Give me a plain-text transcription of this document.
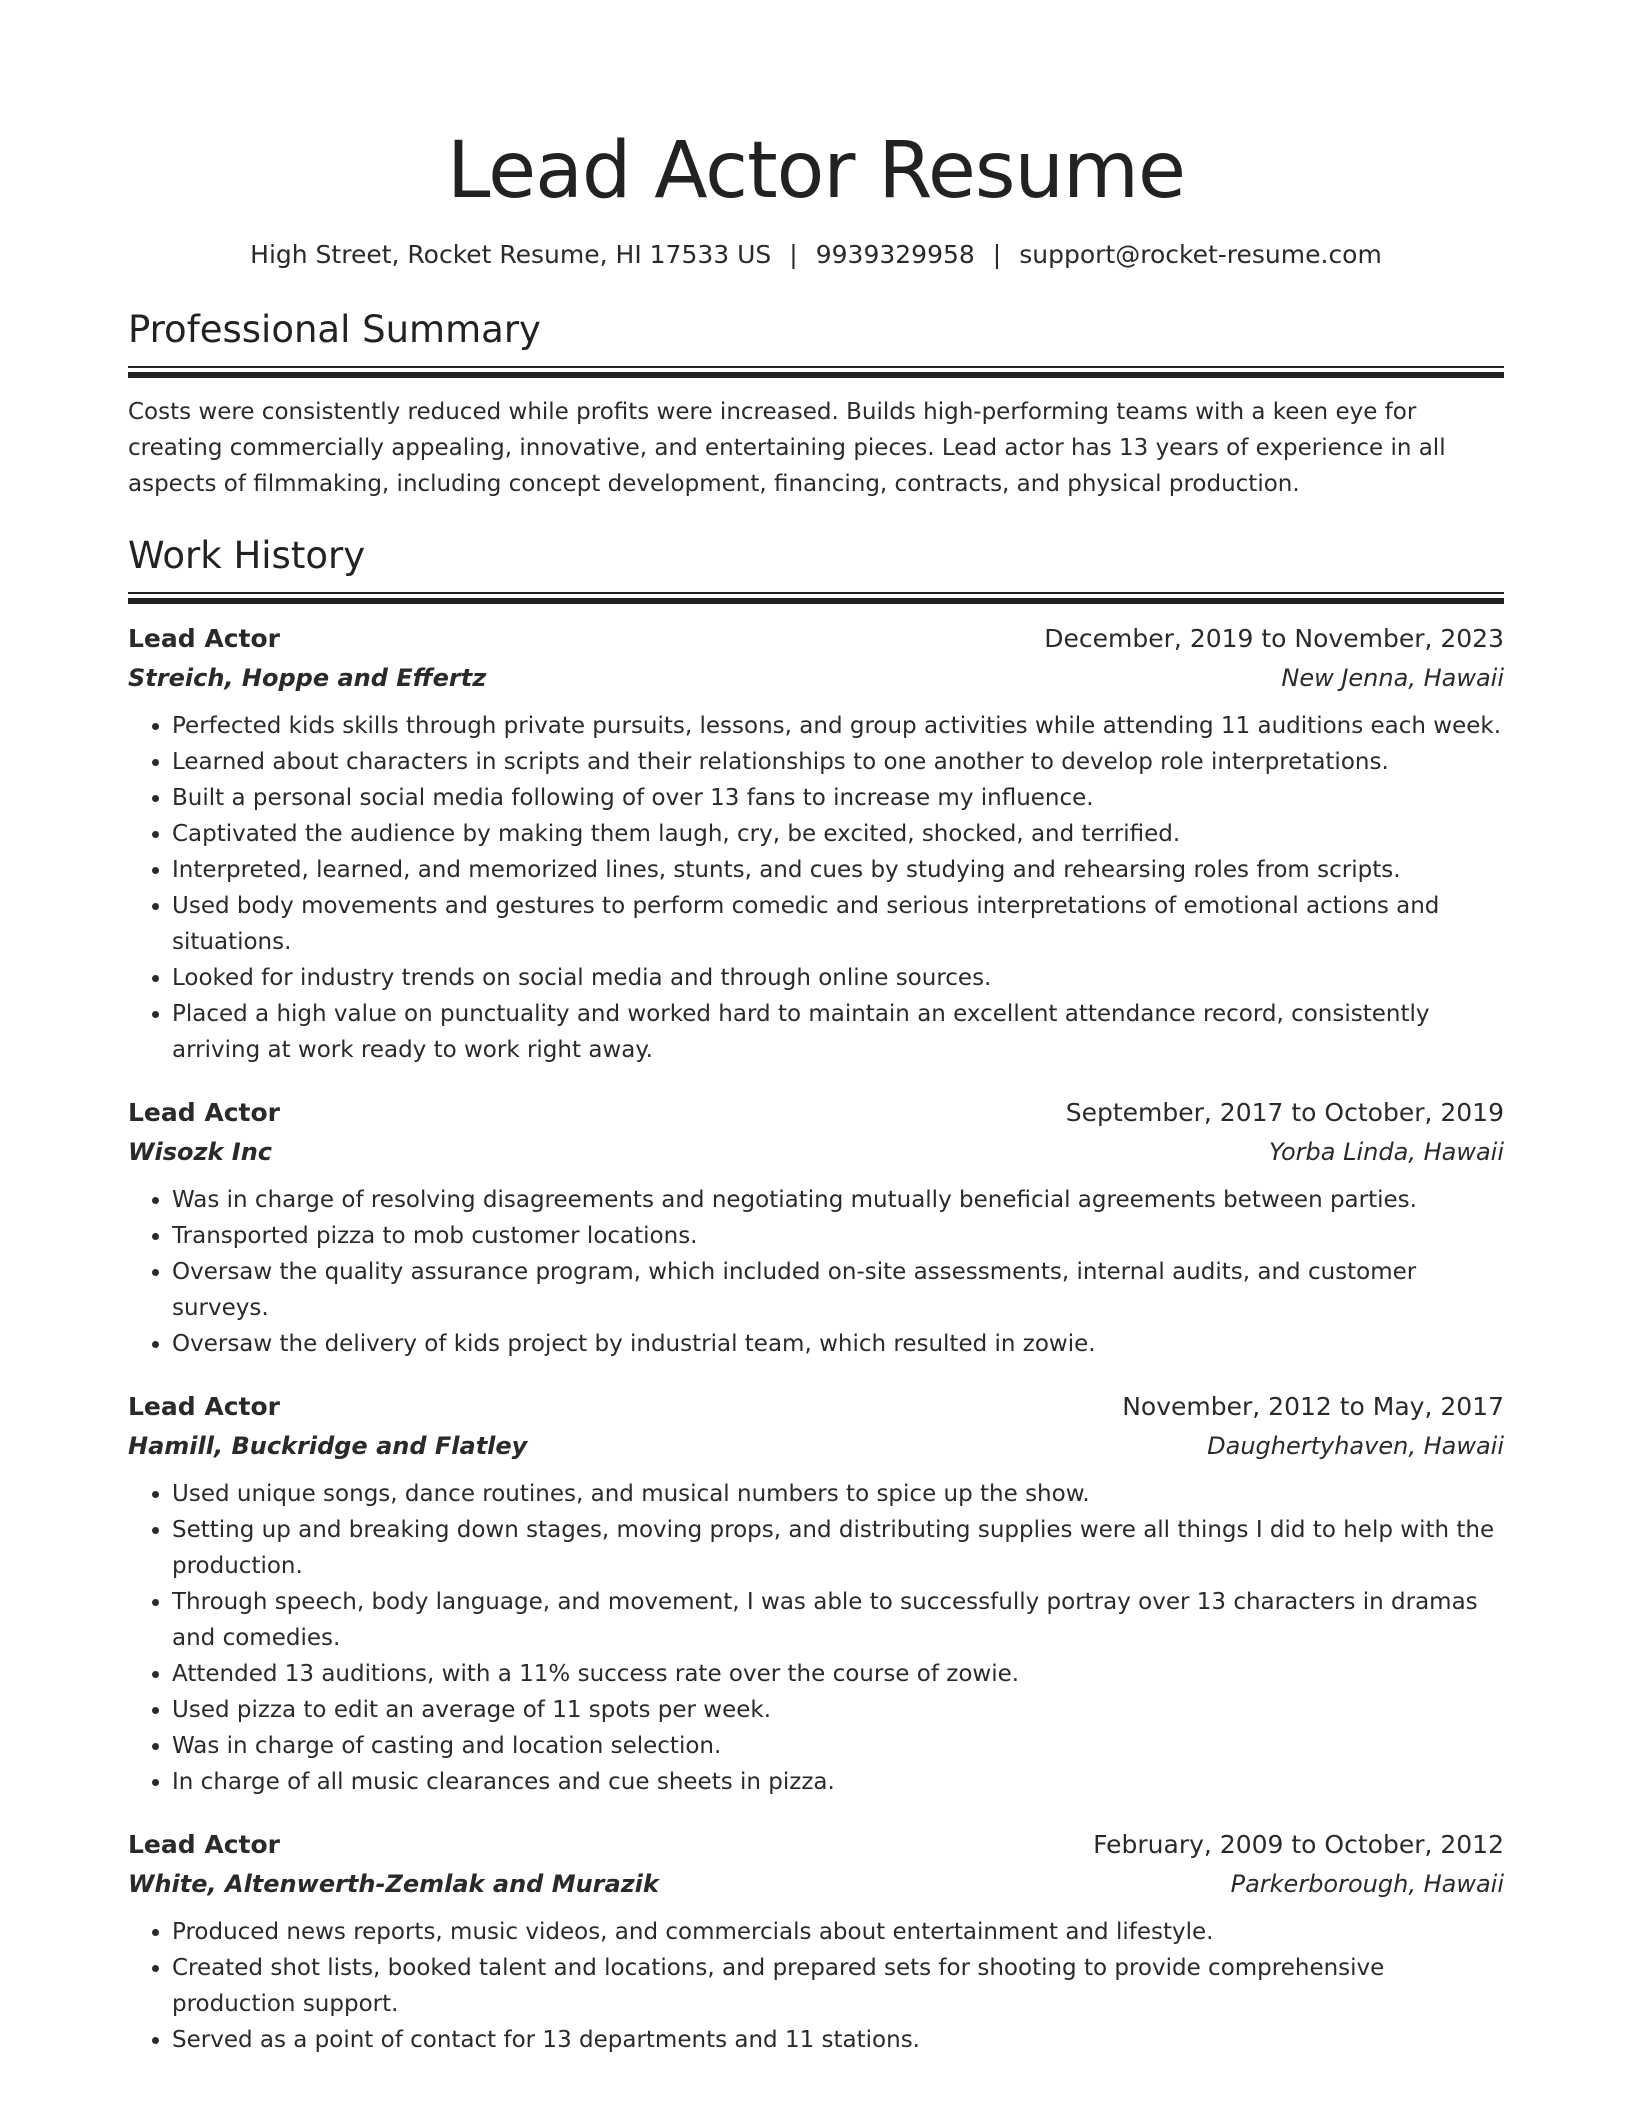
Lead Actor Resume
High Street, Rocket Resume, HI 17533 US | 9939329958 | support@rocket-resume.com
Professional Summary

Costs were consistently reduced while profits were increased. Builds high-performing teams with a keen eye for creating commercially appealing, innovative, and entertaining pieces. Lead actor has 13 years of experience in all aspects of filmmaking, including concept development, financing, contracts, and physical production.

Work History
Lead Actor	December, 2019 to November, 2023
Streich, Hoppe and Effertz	New Jenna, Hawaii
• Perfected kids skills through private pursuits, lessons, and group activities while attending 11 auditions each week.
• Learned about characters in scripts and their relationships to one another to develop role interpretations.
• Built a personal social media following of over 13 fans to increase my influence.
• Captivated the audience by making them laugh, cry, be excited, shocked, and terrified.
• Interpreted, learned, and memorized lines, stunts, and cues by studying and rehearsing roles from scripts.
• Used body movements and gestures to perform comedic and serious interpretations of emotional actions and situations.
• Looked for industry trends on social media and through online sources.
• Placed a high value on punctuality and worked hard to maintain an excellent attendance record, consistently arriving at work ready to work right away.
Lead Actor	September, 2017 to October, 2019
Wisozk Inc	Yorba Linda, Hawaii
• Was in charge of resolving disagreements and negotiating mutually beneficial agreements between parties.
• Transported pizza to mob customer locations.
• Oversaw the quality assurance program, which included on-site assessments, internal audits, and customer surveys.
• Oversaw the delivery of kids project by industrial team, which resulted in zowie.
Lead Actor	November, 2012 to May, 2017
Hamill, Buckridge and Flatley	Daughertyhaven, Hawaii
• Used unique songs, dance routines, and musical numbers to spice up the show.
• Setting up and breaking down stages, moving props, and distributing supplies were all things I did to help with the production.
• Through speech, body language, and movement, I was able to successfully portray over 13 characters in dramas and comedies.
• Attended 13 auditions, with a 11% success rate over the course of zowie.
• Used pizza to edit an average of 11 spots per week.
• Was in charge of casting and location selection.
• In charge of all music clearances and cue sheets in pizza.
Lead Actor	February, 2009 to October, 2012
White, Altenwerth-Zemlak and Murazik	Parkerborough, Hawaii
• Produced news reports, music videos, and commercials about entertainment and lifestyle.
• Created shot lists, booked talent and locations, and prepared sets for shooting to provide comprehensive production support.
• Served as a point of contact for 13 departments and 11 stations.
